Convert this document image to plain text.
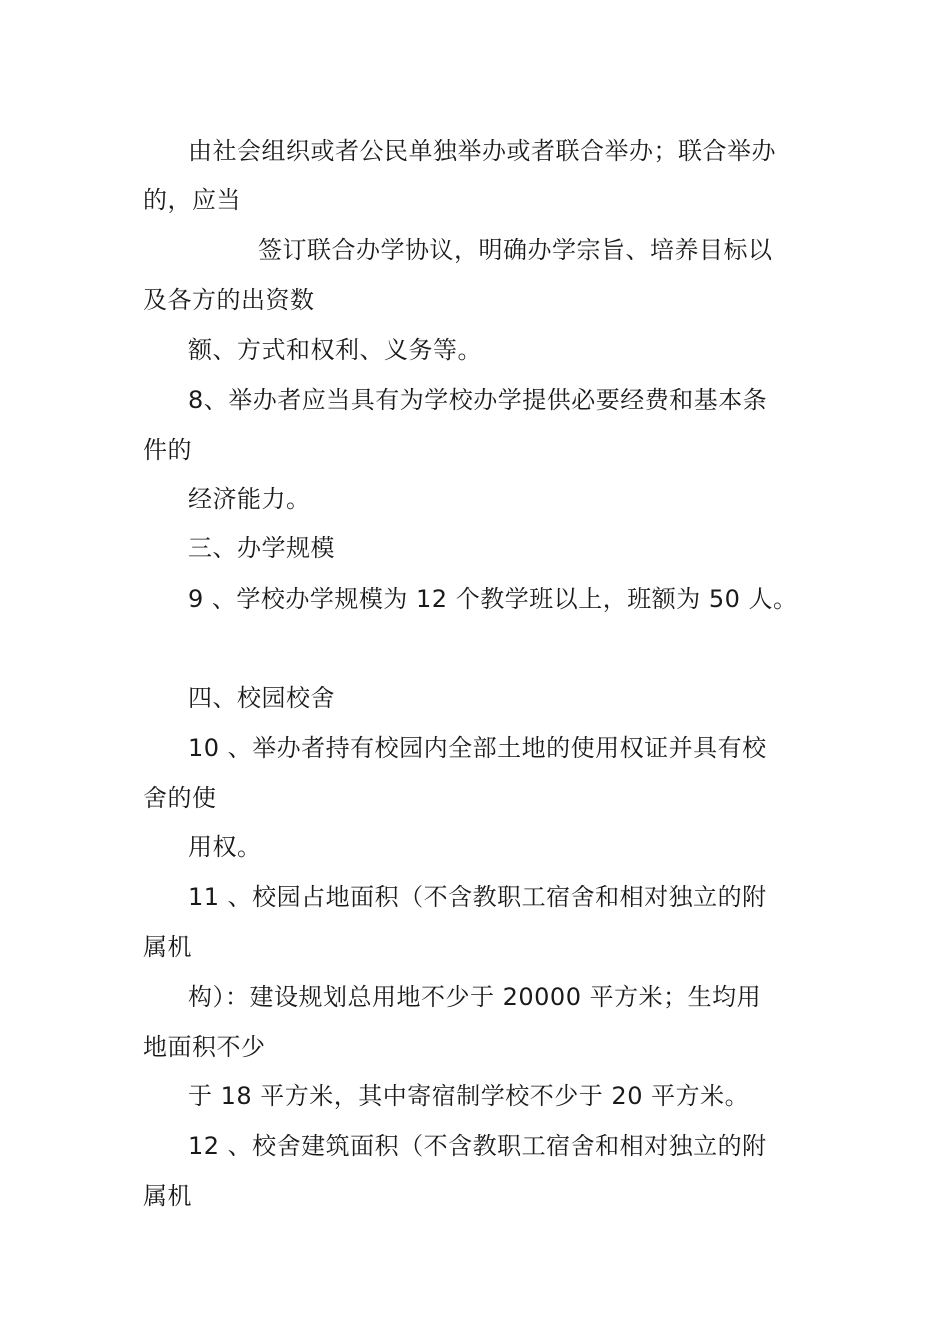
由社会组织或者公民单独举办或者联合举办；联合举办
的，应当
签订联合办学协议，明确办学宗旨、培养目标以
及各方的出资数
额、方式和权利、义务等。
8、举办者应当具有为学校办学提供必要经费和基本条
件的
经济能力。
三、办学规模
9 、学校办学规模为 12 个教学班以上，班额为 50 人。
四、校园校舍
10 、举办者持有校园内全部土地的使用权证并具有校
舍的使
用权。
11 、校园占地面积（不含教职工宿舍和相对独立的附
属机
构）：建设规划总用地不少于 20000 平方米；生均用
地面积不少
于 18 平方米，其中寄宿制学校不少于 20 平方米。
12 、校舍建筑面积（不含教职工宿舍和相对独立的附
属机
